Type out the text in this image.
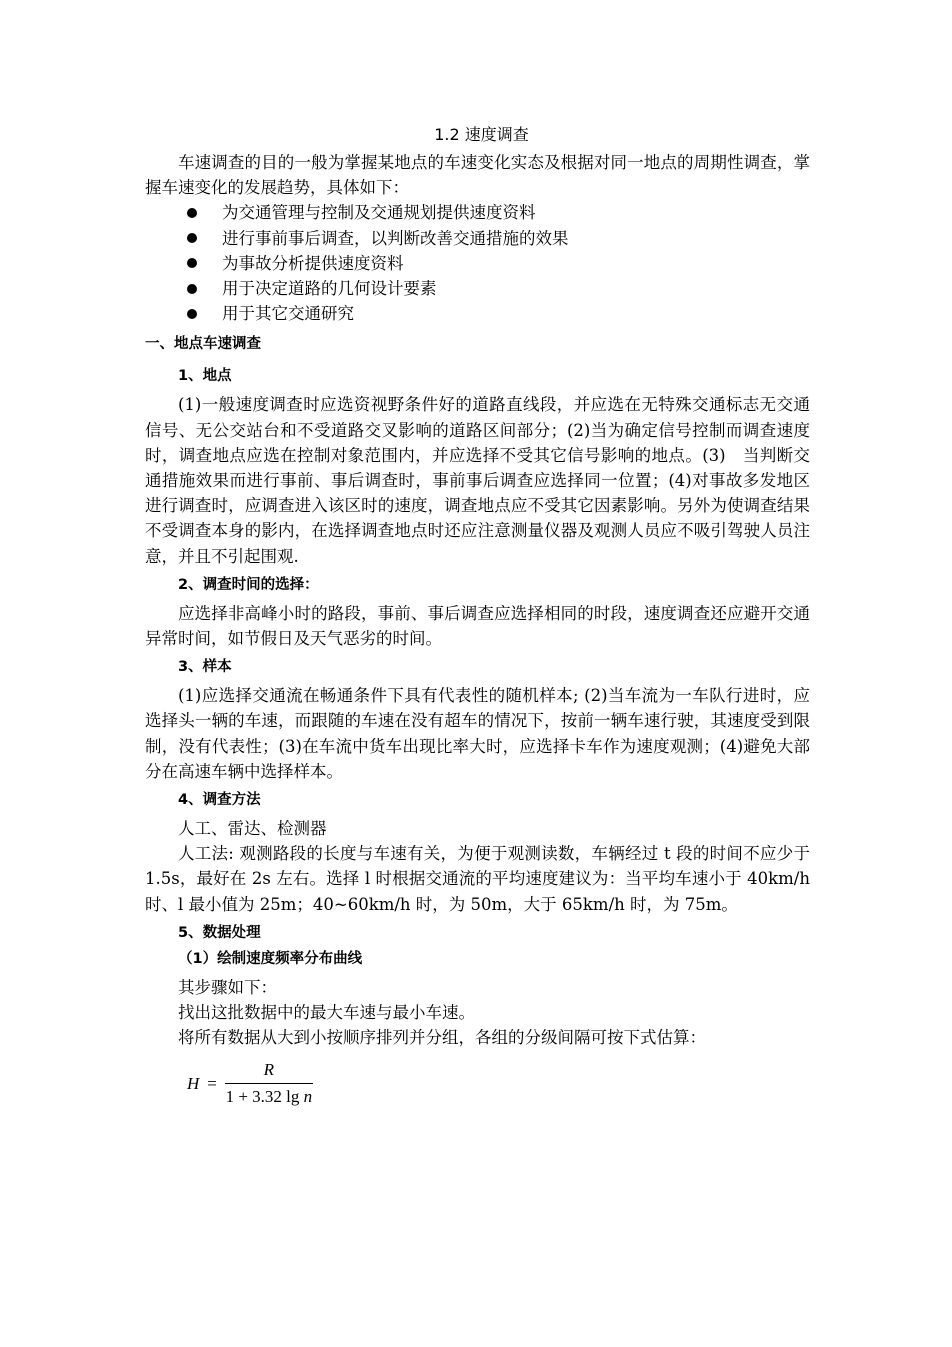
1.2 速度调查

车速调查的目的一般为掌握某地点的车速变化实态及根据对同一地点的周期性调查，掌握车速变化的发展趋势，具体如下：

为交通管理与控制及交通规划提供速度资料
进行事前事后调查，以判断改善交通措施的效果
为事故分析提供速度资料
用于决定道路的几何设计要素
用于其它交通研究
一、地点车速调查
1、地点

(1)一般速度调查时应选资视野条件好的道路直线段，并应选在无特殊交通标志无交通信号、无公交站台和不受道路交叉影响的道路区间部分；(2)当为确定信号控制而调查速度时，调查地点应选在控制对象范围内，并应选择不受其它信号影响的地点。(3)　当判断交通措施效果而进行事前、事后调查时，事前事后调查应选择同一位置；(4)对事故多发地区进行调查时，应调查进入该区时的速度，调查地点应不受其它因素影响。另外为使调查结果不受调查本身的影内，在选择调查地点时还应注意测量仪器及观测人员应不吸引驾驶人员注意，并且不引起围观.

2、调查时间的选择：

应选择非高峰小时的路段，事前、事后调查应选择相同的时段，速度调查还应避开交通异常时间，如节假日及天气恶劣的时间。

3、样本

(1)应选择交通流在畅通条件下具有代表性的随机样本; (2)当车流为一车队行进时，应选择头一辆的车速，而跟随的车速在没有超车的情况下，按前一辆车速行驶，其速度受到限制，没有代表性；(3)在车流中货车出现比率大时，应选择卡车作为速度观测；(4)避免大部分在高速车辆中选择样本。

4、调查方法

人工、雷达、检测器

人工法: 观测路段的长度与车速有关，为便于观测读数，车辆经过 t 段的时间不应少于 1.5s，最好在 2s 左右。选择 l 时根据交通流的平均速度建议为：当平均车速小于 40km/h 时、l 最小值为 25m；40~60km/h 时，为 50m，大于 65km/h 时，为 75m。

5、数据处理
（1）绘制速度频率分布曲线

其步骤如下：

找出这批数据中的最大车速与最小车速。

将所有数据从大到小按顺序排列并分组，各组的分级间隔可按下式估算：

$H = \frac{R}{\text{1 + 3.32 lg n}}$
